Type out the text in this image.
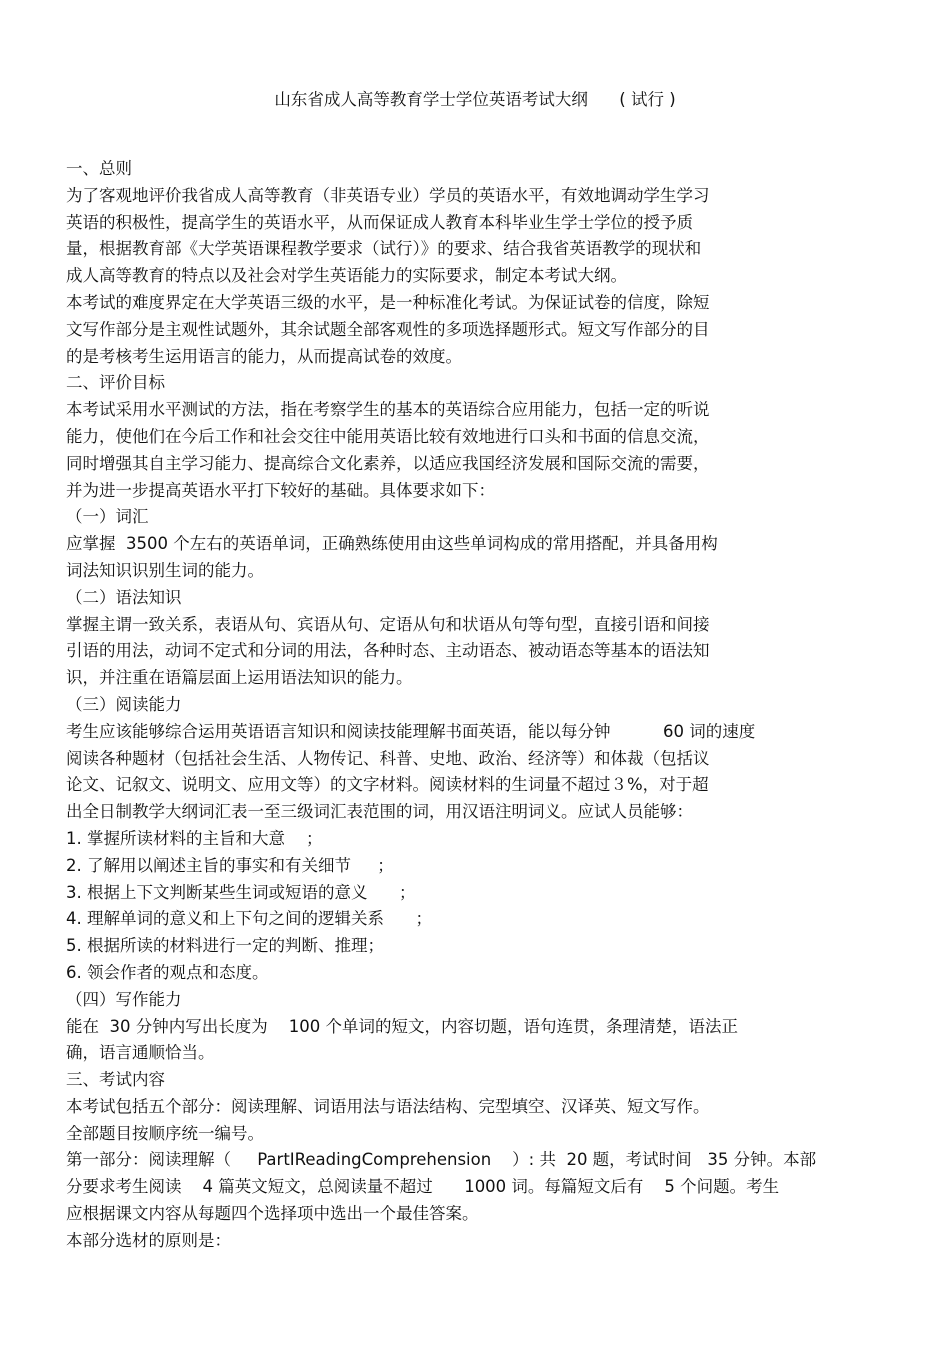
山东省成人高等教育学士学位英语考试大纲      ( 试行 )
一、总则
为了客观地评价我省成人高等教育（非英语专业）学员的英语水平，有效地调动学生学习
英语的积极性，提高学生的英语水平，从而保证成人教育本科毕业生学士学位的授予质
量，根据教育部《大学英语课程教学要求（试行）》的要求、结合我省英语教学的现状和
成人高等教育的特点以及社会对学生英语能力的实际要求，制定本考试大纲。
本考试的难度界定在大学英语三级的水平，是一种标准化考试。为保证试卷的信度，除短
文写作部分是主观性试题外，其余试题全部客观性的多项选择题形式。短文写作部分的目
的是考核考生运用语言的能力，从而提高试卷的效度。
二、评价目标
本考试采用水平测试的方法，指在考察学生的基本的英语综合应用能力，包括一定的听说
能力，使他们在今后工作和社会交往中能用英语比较有效地进行口头和书面的信息交流，
同时增强其自主学习能力、提高综合文化素养，以适应我国经济发展和国际交流的需要，
并为进一步提高英语水平打下较好的基础。具体要求如下：
（一）词汇
应掌握  3500 个左右的英语单词，正确熟练使用由这些单词构成的常用搭配，并具备用构
词法知识识别生词的能力。
（二）语法知识
掌握主谓一致关系，表语从句、宾语从句、定语从句和状语从句等句型，直接引语和间接
引语的用法，动词不定式和分词的用法，各种时态、主动语态、被动语态等基本的语法知
识，并注重在语篇层面上运用语法知识的能力。
（三）阅读能力
考生应该能够综合运用英语语言知识和阅读技能理解书面英语，能以每分钟          60 词的速度
阅读各种题材（包括社会生活、人物传记、科普、史地、政治、经济等）和体裁（包括议
论文、记叙文、说明文、应用文等）的文字材料。阅读材料的生词量不超过３%，对于超
出全日制教学大纲词汇表一至三级词汇表范围的词，用汉语注明词义。应试人员能够：
1. 掌握所读材料的主旨和大意    ；
2. 了解用以阐述主旨的事实和有关细节     ；
3. 根据上下文判断某些生词或短语的意义      ；
4. 理解单词的意义和上下句之间的逻辑关系      ；
5. 根据所读的材料进行一定的判断、推理；
6. 领会作者的观点和态度。
（四）写作能力
能在  30 分钟内写出长度为    100 个单词的短文，内容切题，语句连贯，条理清楚，语法正
确，语言通顺恰当。
三、考试内容
本考试包括五个部分：阅读理解、词语用法与语法结构、完型填空、汉译英、短文写作。
全部题目按顺序统一编号。
第一部分：阅读理解（     PartIReadingComprehension    ）: 共  20 题，考试时间   35 分钟。本部
分要求考生阅读    4 篇英文短文，总阅读量不超过      1000 词。每篇短文后有    5 个问题。考生
应根据课文内容从每题四个选择项中选出一个最佳答案。
本部分选材的原则是：
